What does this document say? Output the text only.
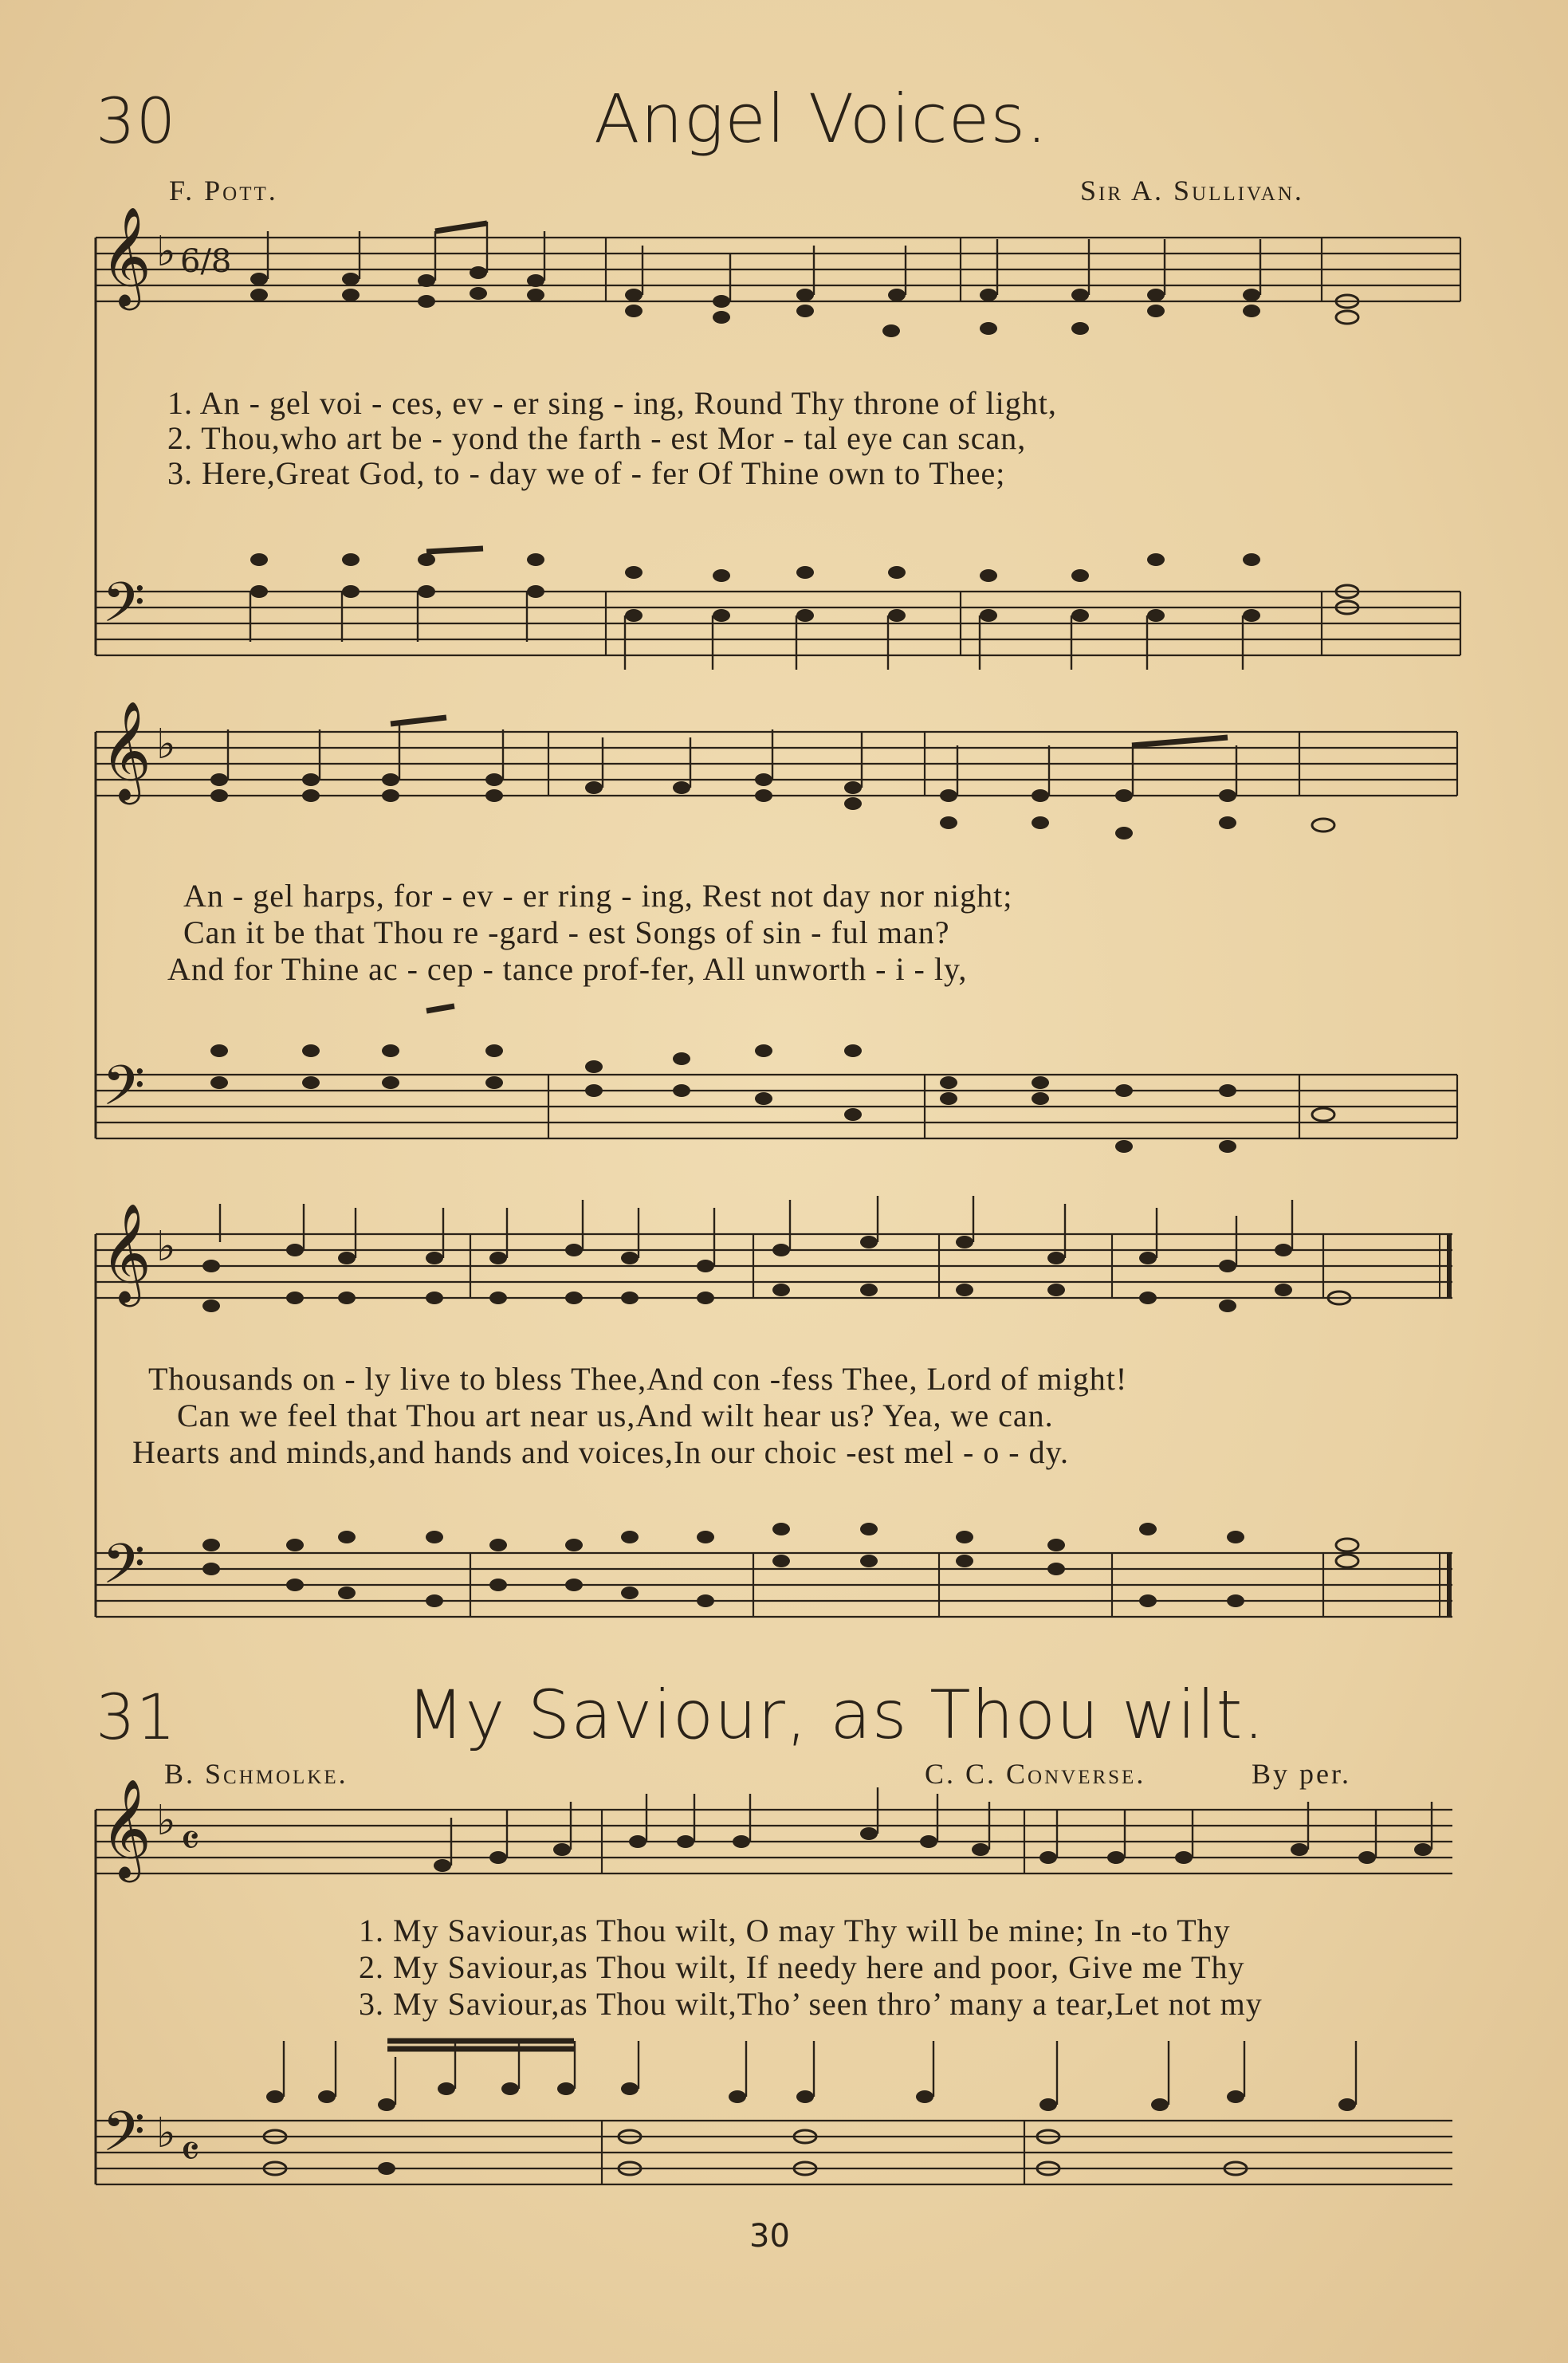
30	Angel Voices.
F. Pott.	Sir A. Sullivan.
𝄞 ♭ 6/8
𝄢
𝄞 ♭
𝄢
𝄞 ♭
𝄢
1. An - gel voi - ces, ev - er sing - ing, Round Thy throne of light,
2. Thou,who art be - yond the farth - est Mor - tal eye can scan,
3. Here,Great God, to - day we of - fer Of Thine own to Thee;
An - gel harps, for - ev - er ring - ing, Rest not day nor night;
Can it be that Thou re -gard - est Songs of sin - ful man?
And for Thine ac - cep - tance prof-fer, All unworth - i - ly,
Thousands on - ly live to bless Thee,And con -fess Thee, Lord of might!
Can we feel that Thou art near us,And wilt hear us? Yea, we can.
Hearts and minds,and hands and voices,In our choic -est mel - o - dy.
31	My Saviour, as Thou wilt.
B. Schmolke.	C. C. Converse.	By per.
𝄞 ♭ 𝄴
𝄢 ♭ 𝄴
1. My Saviour,as Thou wilt, O may Thy will be mine; In -to Thy
2. My Saviour,as Thou wilt, If needy here and poor, Give me Thy
3. My Saviour,as Thou wilt,Tho’ seen thro’ many a tear,Let not my
30
